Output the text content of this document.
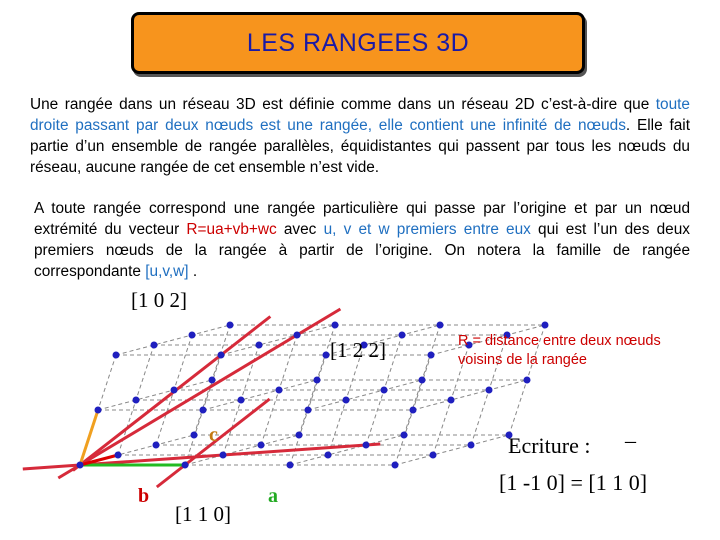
LES RANGEES 3D
Une rangée dans un réseau 3D est définie comme dans un réseau 2D c’est-à-dire que toute droite passant par deux nœuds est une rangée, elle contient une infinité de nœuds. Elle fait partie d’un ensemble de rangée parallèles, équidistantes qui passent par tous les nœuds du réseau, aucune rangée de cet ensemble n’est vide.
A toute rangée correspond une rangée particulière qui passe par l’origine et par un nœud extrémité du vecteur R=ua+vb+wc avec u, v et w premiers entre eux qui est l’un des deux premiers nœuds de la rangée à partir de l’origine. On notera la famille de rangée correspondante [u,v,w] .
[1 0 2]
[1 2 2]
[1 1 0]
c
b	a
R = distance entre deux nœuds voisins de la rangée
Ecriture :
_
[1 -1 0] = [1 1 0]
